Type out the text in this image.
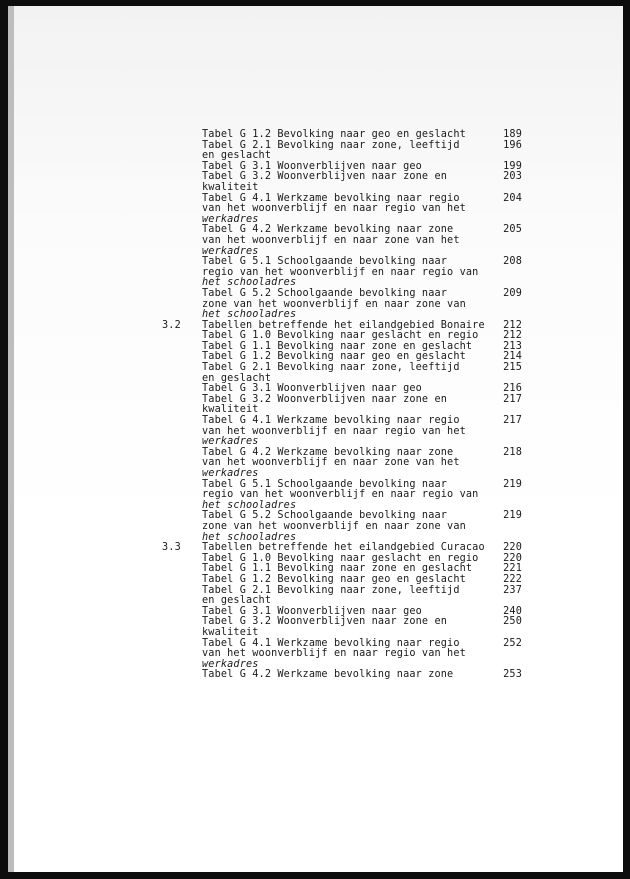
Tabel G 1.2 Bevolking naar geo en geslacht	189
Tabel G 2.1 Bevolking naar zone, leeftijd	196
en geslacht
Tabel G 3.1 Woonverblijven naar geo	199
Tabel G 3.2 Woonverblijven naar zone en	203
kwaliteit
Tabel G 4.1 Werkzame bevolking naar regio	204
van het woonverblijf en naar regio van het
werkadres
Tabel G 4.2 Werkzame bevolking naar zone	205
van het woonverblijf en naar zone van het
werkadres
Tabel G 5.1 Schoolgaande bevolking naar	208
regio van het woonverblijf en naar regio van
het schooladres
Tabel G 5.2 Schoolgaande bevolking naar	209
zone van het woonverblijf en naar zone van
het schooladres
3.2 Tabellen betreffende het eilandgebied Bonaire 212
Tabel G 1.0 Bevolking naar geslacht en regio 212
Tabel G 1.1 Bevolking naar zone en geslacht	213
Tabel G 1.2 Bevolking naar geo en geslacht	214
Tabel G 2.1 Bevolking naar zone, leeftijd	215
en geslacht
Tabel G 3.1 Woonverblijven naar geo	216
Tabel G 3.2 Woonverblijven naar zone en	217
kwaliteit
Tabel G 4.1 Werkzame bevolking naar regio	217
van het woonverblijf en naar regio van het
werkadres
Tabel G 4.2 Werkzame bevolking naar zone	218
van het woonverblijf en naar zone van het
werkadres
Tabel G 5.1 Schoolgaande bevolking naar	219
regio van het woonverblijf en naar regio van
het schooladres
Tabel G 5.2 Schoolgaande bevolking naar	219
zone van het woonverblijf en naar zone van
het schooladres
3.3 Tabellen betreffende het eilandgebied Curacao 220
Tabel G 1.0 Bevolking naar geslacht en regio 220
Tabel G 1.1 Bevolking naar zone en geslacht	221
Tabel G 1.2 Bevolking naar geo en geslacht	222
Tabel G 2.1 Bevolking naar zone, leeftijd	237
en geslacht
Tabel G 3.1 Woonverblijven naar geo	240
Tabel G 3.2 Woonverblijven naar zone en	250
kwaliteit
Tabel G 4.1 Werkzame bevolking naar regio	252
van het woonverblijf en naar regio van het
werkadres
Tabel G 4.2 Werkzame bevolking naar zone	253
